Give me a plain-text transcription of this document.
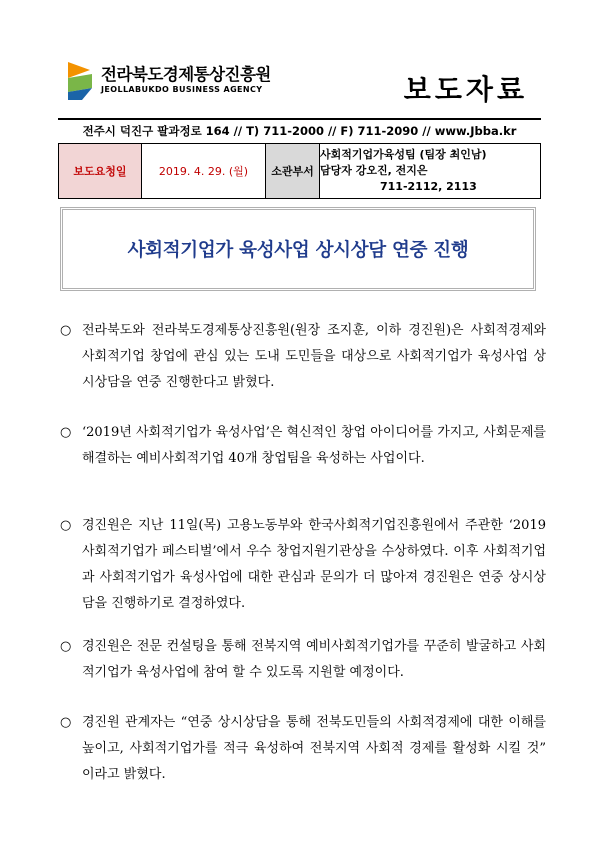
전라북도경제통상진흥원
JEOLLABUKDO BUSINESS AGENCY	보도자료
전주시 덕진구 팔과정로 164 // T) 711-2000 // F) 711-2090 // www.Jbba.kr
보도요청일	2019. 4. 29. (월)	소관부서	
사회적기업가육성팀 (팀장 최인남)
담당자 강오진, 전지은
711-2112, 2113
사회적기업가 육성사업 상시상담 연중 진행
○ 전라북도와 전라북도경제통상진흥원(원장 조지훈, 이하 경진원)은 사회적경제와 사회적기업 창업에 관심 있는 도내 도민들을 대상으로 사회적기업가 육성사업 상시상담을 연중 진행한다고 밝혔다.
○ ‘2019년 사회적기업가 육성사업’은 혁신적인 창업 아이디어를 가지고, 사회문제를 해결하는 예비사회적기업 40개 창업팀을 육성하는 사업이다.
○ 경진원은 지난 11일(목) 고용노동부와 한국사회적기업진흥원에서 주관한 ‘2019 사회적기업가 페스티벌’에서 우수 창업지원기관상을 수상하였다. 이후 사회적기업과 사회적기업가 육성사업에 대한 관심과 문의가 더 많아져 경진원은 연중 상시상담을 진행하기로 결정하였다.
○ 경진원은 전문 컨설팅을 통해 전북지역 예비사회적기업가를 꾸준히 발굴하고 사회적기업가 육성사업에 참여 할 수 있도록 지원할 예정이다.
○ 경진원 관계자는 “연중 상시상담을 통해 전북도민들의 사회적경제에 대한 이해를 높이고, 사회적기업가를 적극 육성하여 전북지역 사회적 경제를 활성화 시킬 것” 이라고 밝혔다.
